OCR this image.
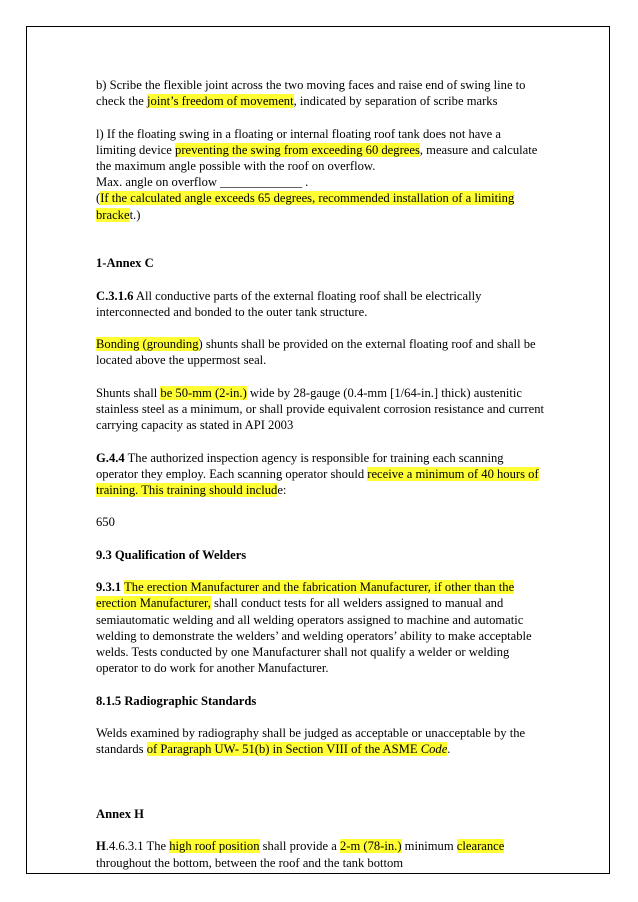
b) Scribe the flexible joint across the two moving faces and raise end of swing line to check the joint’s freedom of movement, indicated by separation of scribe marks

l) If the floating swing in a floating or internal floating roof tank does not have a limiting device preventing the swing from exceeding 60 degrees, measure and calculate the maximum angle possible with the roof on overflow.
Max. angle on overflow _____________ .
(If the calculated angle exceeds 65 degrees, recommended installation of a limiting bracket.)

1-Annex C

C.3.1.6 All conductive parts of the external floating roof shall be electrically interconnected and bonded to the outer tank structure.

Bonding (grounding) shunts shall be provided on the external floating roof and shall be located above the uppermost seal.

Shunts shall be 50-mm (2-in.) wide by 28-gauge (0.4-mm [1/64-in.] thick) austenitic stainless steel as a minimum, or shall provide equivalent corrosion resistance and current carrying capacity as stated in API 2003

G.4.4 The authorized inspection agency is responsible for training each scanning operator they employ. Each scanning operator should receive a minimum of 40 hours of training. This training should include:

650

9.3 Qualification of Welders

9.3.1 The erection Manufacturer and the fabrication Manufacturer, if other than the erection Manufacturer, shall conduct tests for all welders assigned to manual and semiautomatic welding and all welding operators assigned to machine and automatic welding to demonstrate the welders’ and welding operators’ ability to make acceptable welds. Tests conducted by one Manufacturer shall not qualify a welder or welding operator to do work for another Manufacturer.

8.1.5 Radiographic Standards

Welds examined by radiography shall be judged as acceptable or unacceptable by the standards of Paragraph UW- 51(b) in Section VIII of the ASME Code.

Annex H

H.4.6.3.1 The high roof position shall provide a 2-m (78-in.) minimum clearance throughout the bottom, between the roof and the tank bottom
